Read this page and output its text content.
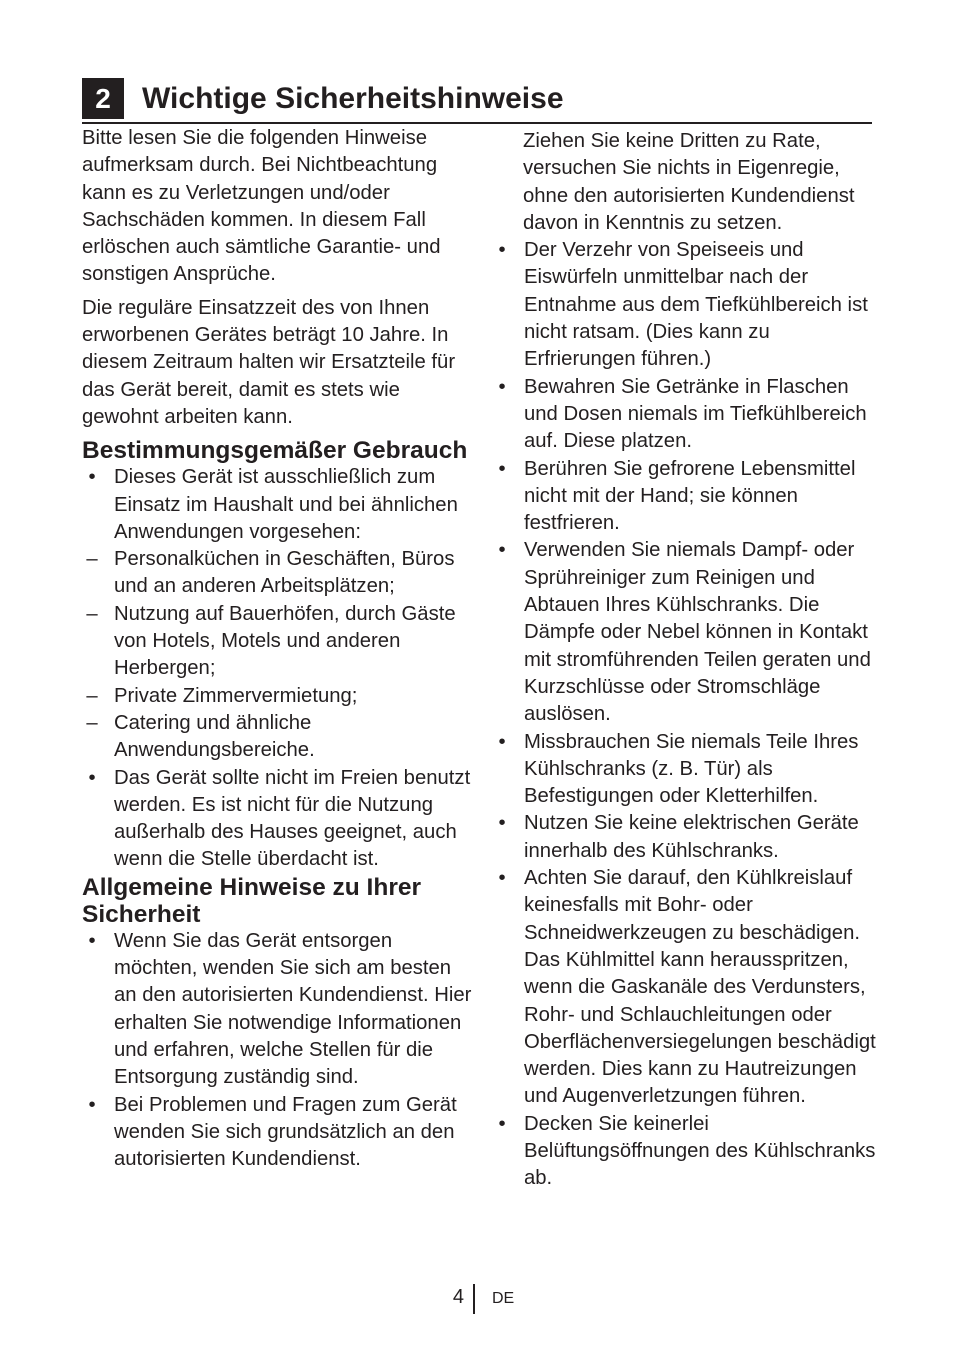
2	Wichtige Sicherheitshinweise

Bitte lesen Sie die folgenden Hinweise aufmerksam durch. Bei Nichtbeachtung kann es zu Verletzungen und/oder Sachschäden kommen. In diesem Fall erlöschen auch sämtliche Garantie- und sonstigen Ansprüche.

Die reguläre Einsatzzeit des von Ihnen erworbenen Gerätes beträgt 10 Jahre. In diesem Zeitraum halten wir Ersatzteile für das Gerät bereit, damit es stets wie gewohnt arbeiten kann.

Bestimmungsgemäßer Gebrauch
• Dieses Gerät ist ausschließlich zum Einsatz im Haushalt und bei ähnlichen Anwendungen vorgesehen:
– Personalküchen in Geschäften, Büros und an anderen Arbeitsplätzen;
– Nutzung auf Bauerhöfen, durch Gäste von Hotels, Motels und anderen Herbergen;
– Private Zimmervermietung;
– Catering und ähnliche Anwendungsbereiche.
• Das Gerät sollte nicht im Freien benutzt werden. Es ist nicht für die Nutzung außerhalb des Hauses geeignet, auch wenn die Stelle überdacht ist.
Allgemeine Hinweise zu Ihrer Sicherheit
• Wenn Sie das Gerät entsorgen möchten, wenden Sie sich am besten an den autorisierten Kundendienst. Hier erhalten Sie notwendige Informationen und erfahren, welche Stellen für die Entsorgung zuständig sind.
• Bei Problemen und Fragen zum Gerät wenden Sie sich grundsätzlich an den autorisierten Kundendienst.

Ziehen Sie keine Dritten zu Rate, versuchen Sie nichts in Eigenregie, ohne den autorisierten Kundendienst davon in Kenntnis zu setzen.

• Der Verzehr von Speiseeis und Eiswürfeln unmittelbar nach der Entnahme aus dem Tiefkühlbereich ist nicht ratsam. (Dies kann zu Erfrierungen führen.)
• Bewahren Sie Getränke in Flaschen und Dosen niemals im Tiefkühlbereich auf. Diese platzen.
• Berühren Sie gefrorene Lebensmittel nicht mit der Hand; sie können festfrieren.
• Verwenden Sie niemals Dampf- oder Sprühreiniger zum Reinigen und Abtauen Ihres Kühlschranks. Die Dämpfe oder Nebel können in Kontakt mit stromführenden Teilen geraten und Kurzschlüsse oder Stromschläge auslösen.
• Missbrauchen Sie niemals Teile Ihres Kühlschranks (z. B. Tür) als Befestigungen oder Kletterhilfen.
• Nutzen Sie keine elektrischen Geräte innerhalb des Kühlschranks.
• Achten Sie darauf, den Kühlkreislauf keinesfalls mit Bohr- oder Schneidwerkzeugen zu beschädigen. Das Kühlmittel kann herausspritzen, wenn die Gaskanäle des Verdunsters, Rohr- und Schlauchleitungen oder Oberflächenversiegelungen beschädigt werden. Dies kann zu Hautreizungen und Augenverletzungen führen.
• Decken Sie keinerlei Belüftungsöffnungen des Kühlschranks ab.
4 DE
